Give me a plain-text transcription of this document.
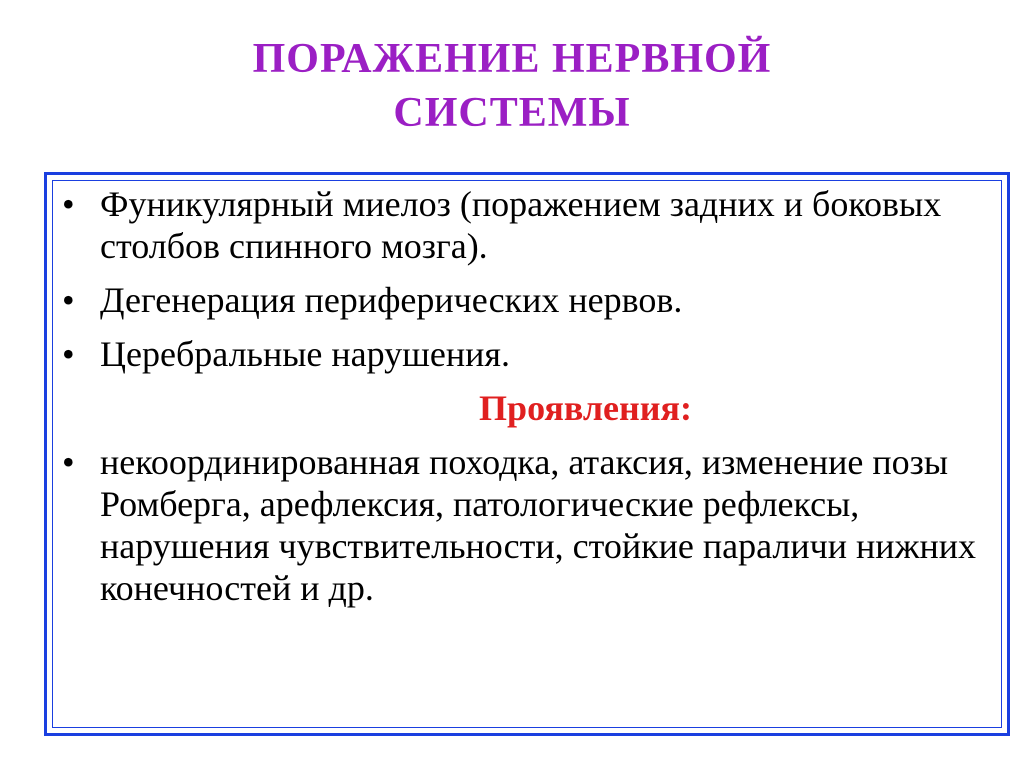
ПОРАЖЕНИЕ НЕРВНОЙ
СИСТЕМЫ
• Фуникулярный миелоз (поражением задних и боковых столбов спинного мозга).
• Дегенерация периферических нервов.
• Церебральные нарушения.
Проявления:
• некоординированная походка, атаксия, изменение позы Ромберга, арефлексия, патологические рефлексы, нарушения чувствительности, стойкие параличи нижних конечностей и др.
